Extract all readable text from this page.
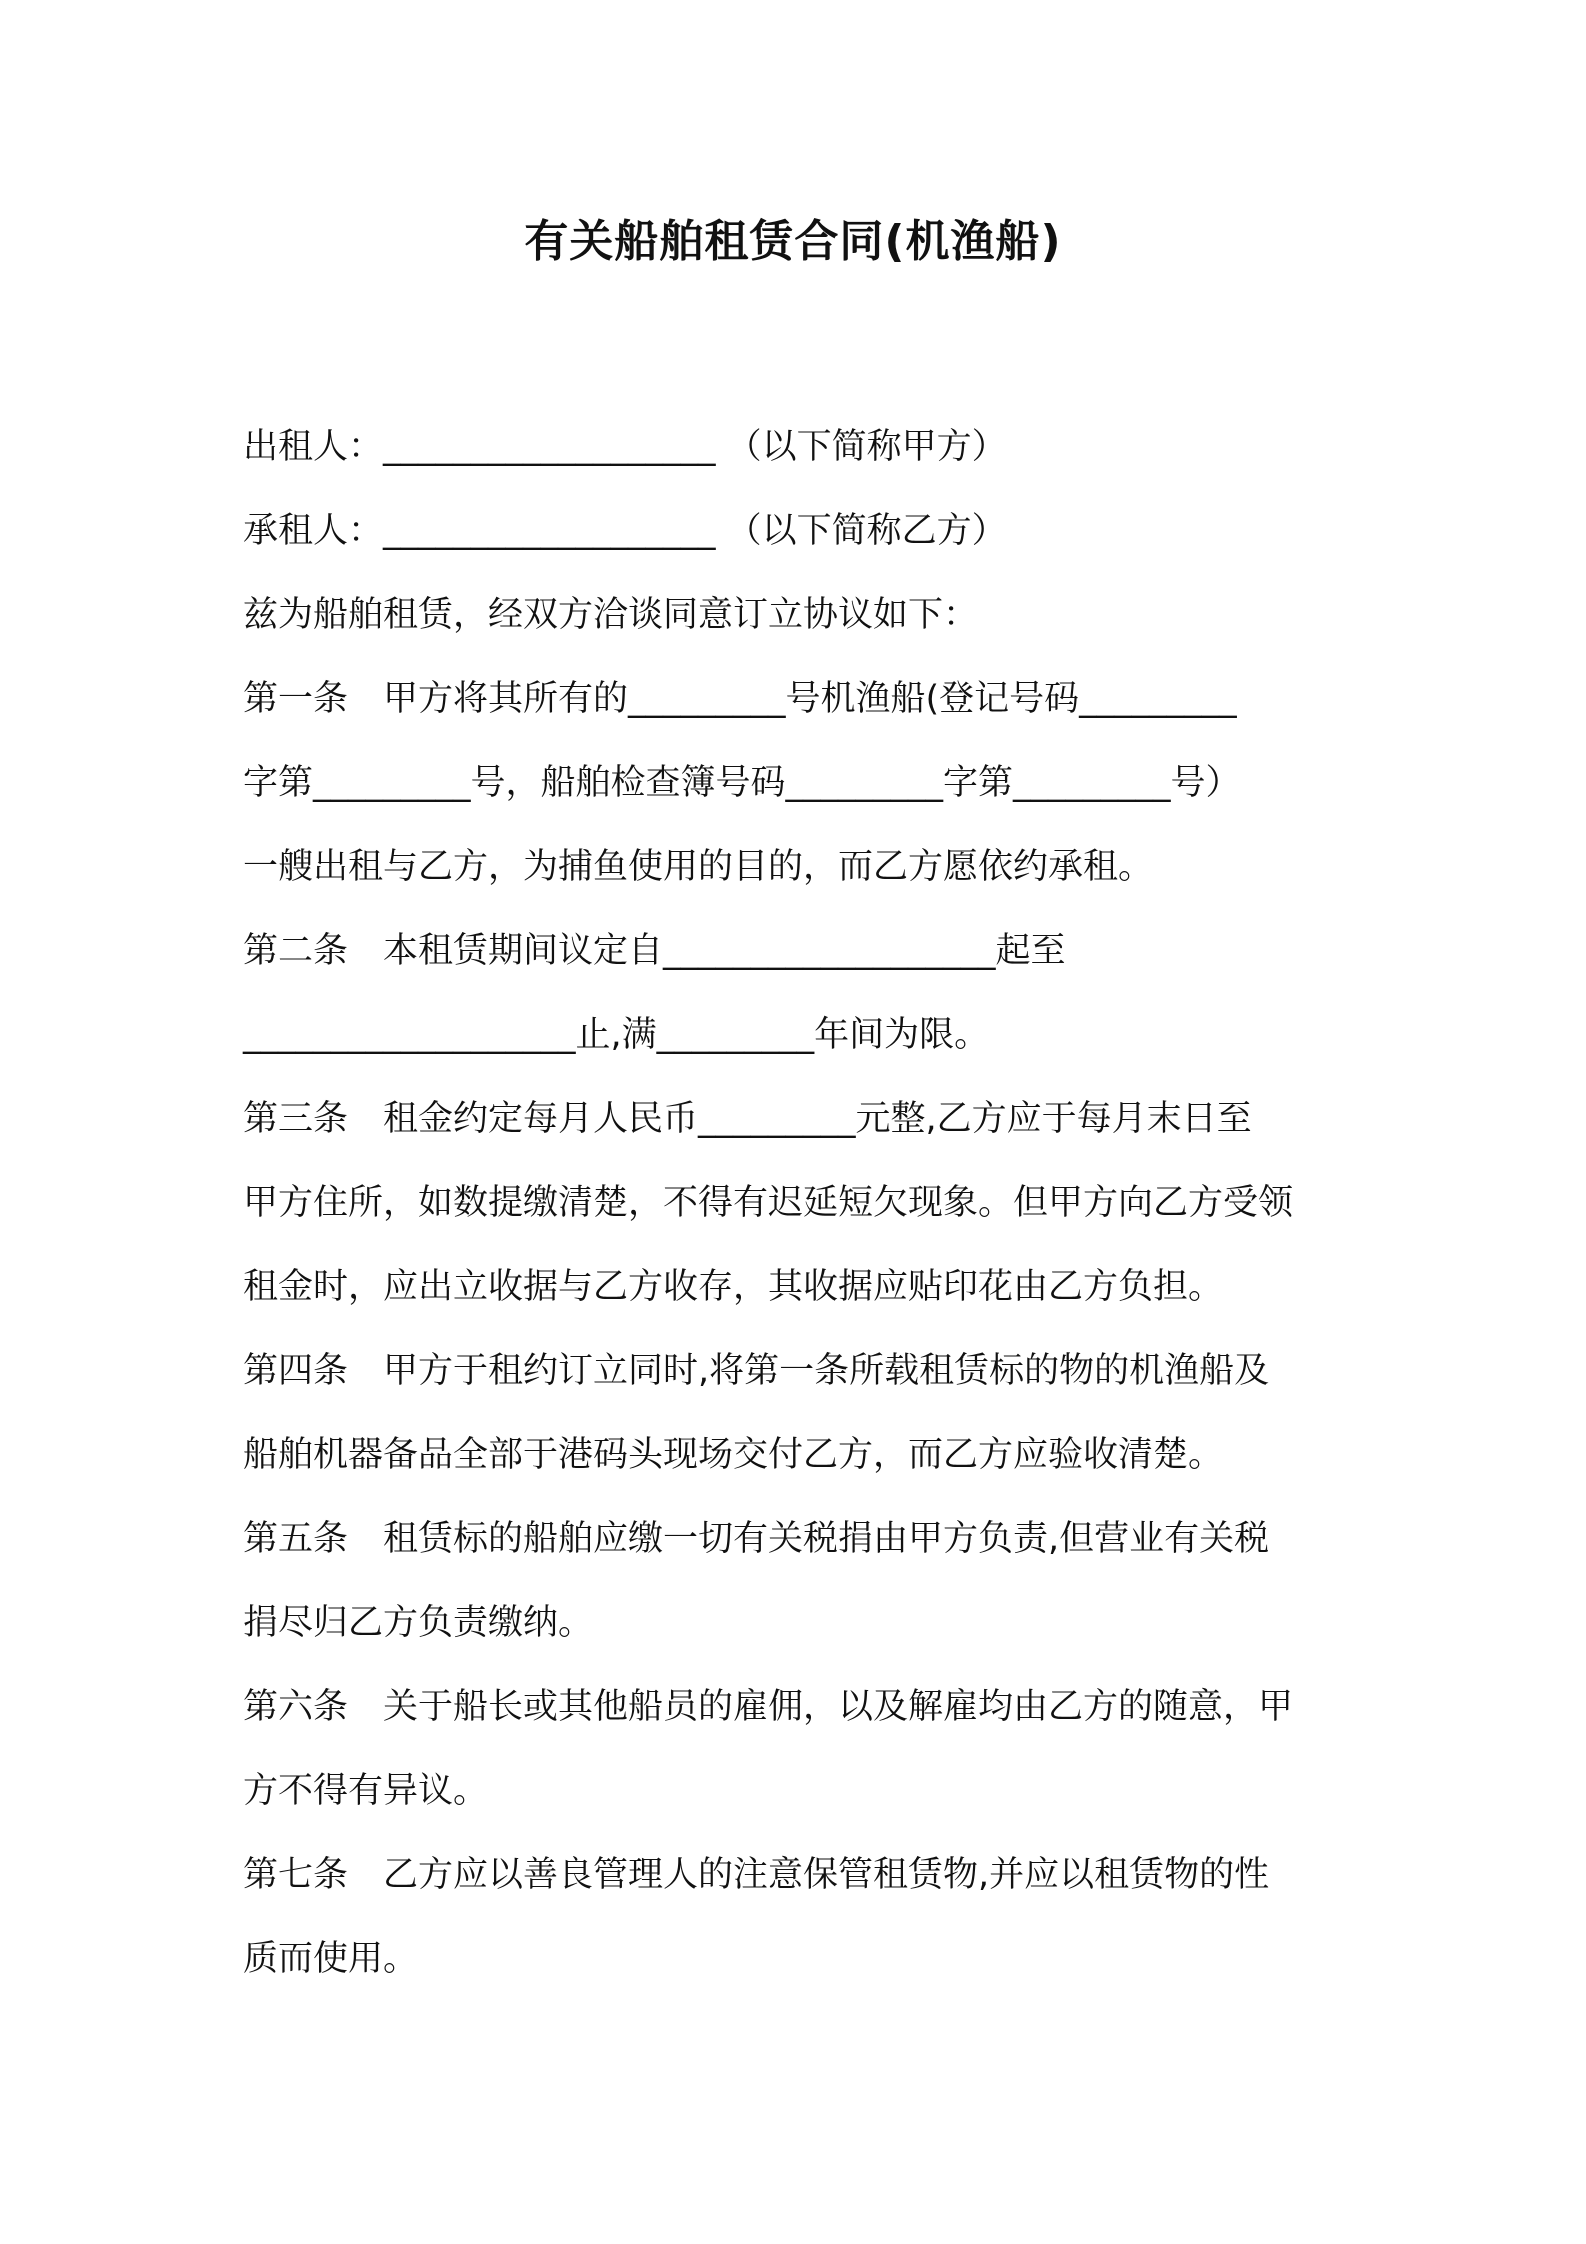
有关船舶租赁合同(机渔船)
出租人：___________________ （以下简称甲方）
承租人：___________________ （以下简称乙方）
兹为船舶租赁，经双方洽谈同意订立协议如下：
第一条　甲方将其所有的_________号机渔船(登记号码_________
字第_________号，船舶检查簿号码_________字第_________号）
一艘出租与乙方，为捕鱼使用的目的，而乙方愿依约承租。
第二条　本租赁期间议定自___________________起至
___________________止,满_________年间为限。
第三条　租金约定每月人民币_________元整,乙方应于每月末日至
甲方住所，如数提缴清楚，不得有迟延短欠现象。但甲方向乙方受领
租金时，应出立收据与乙方收存，其收据应贴印花由乙方负担。
第四条　甲方于租约订立同时,将第一条所载租赁标的物的机渔船及
船舶机器备品全部于港码头现场交付乙方，而乙方应验收清楚。
第五条　租赁标的船舶应缴一切有关税捐由甲方负责,但营业有关税
捐尽归乙方负责缴纳。
第六条　关于船长或其他船员的雇佣，以及解雇均由乙方的随意，甲
方不得有异议。
第七条　乙方应以善良管理人的注意保管租赁物,并应以租赁物的性
质而使用。
